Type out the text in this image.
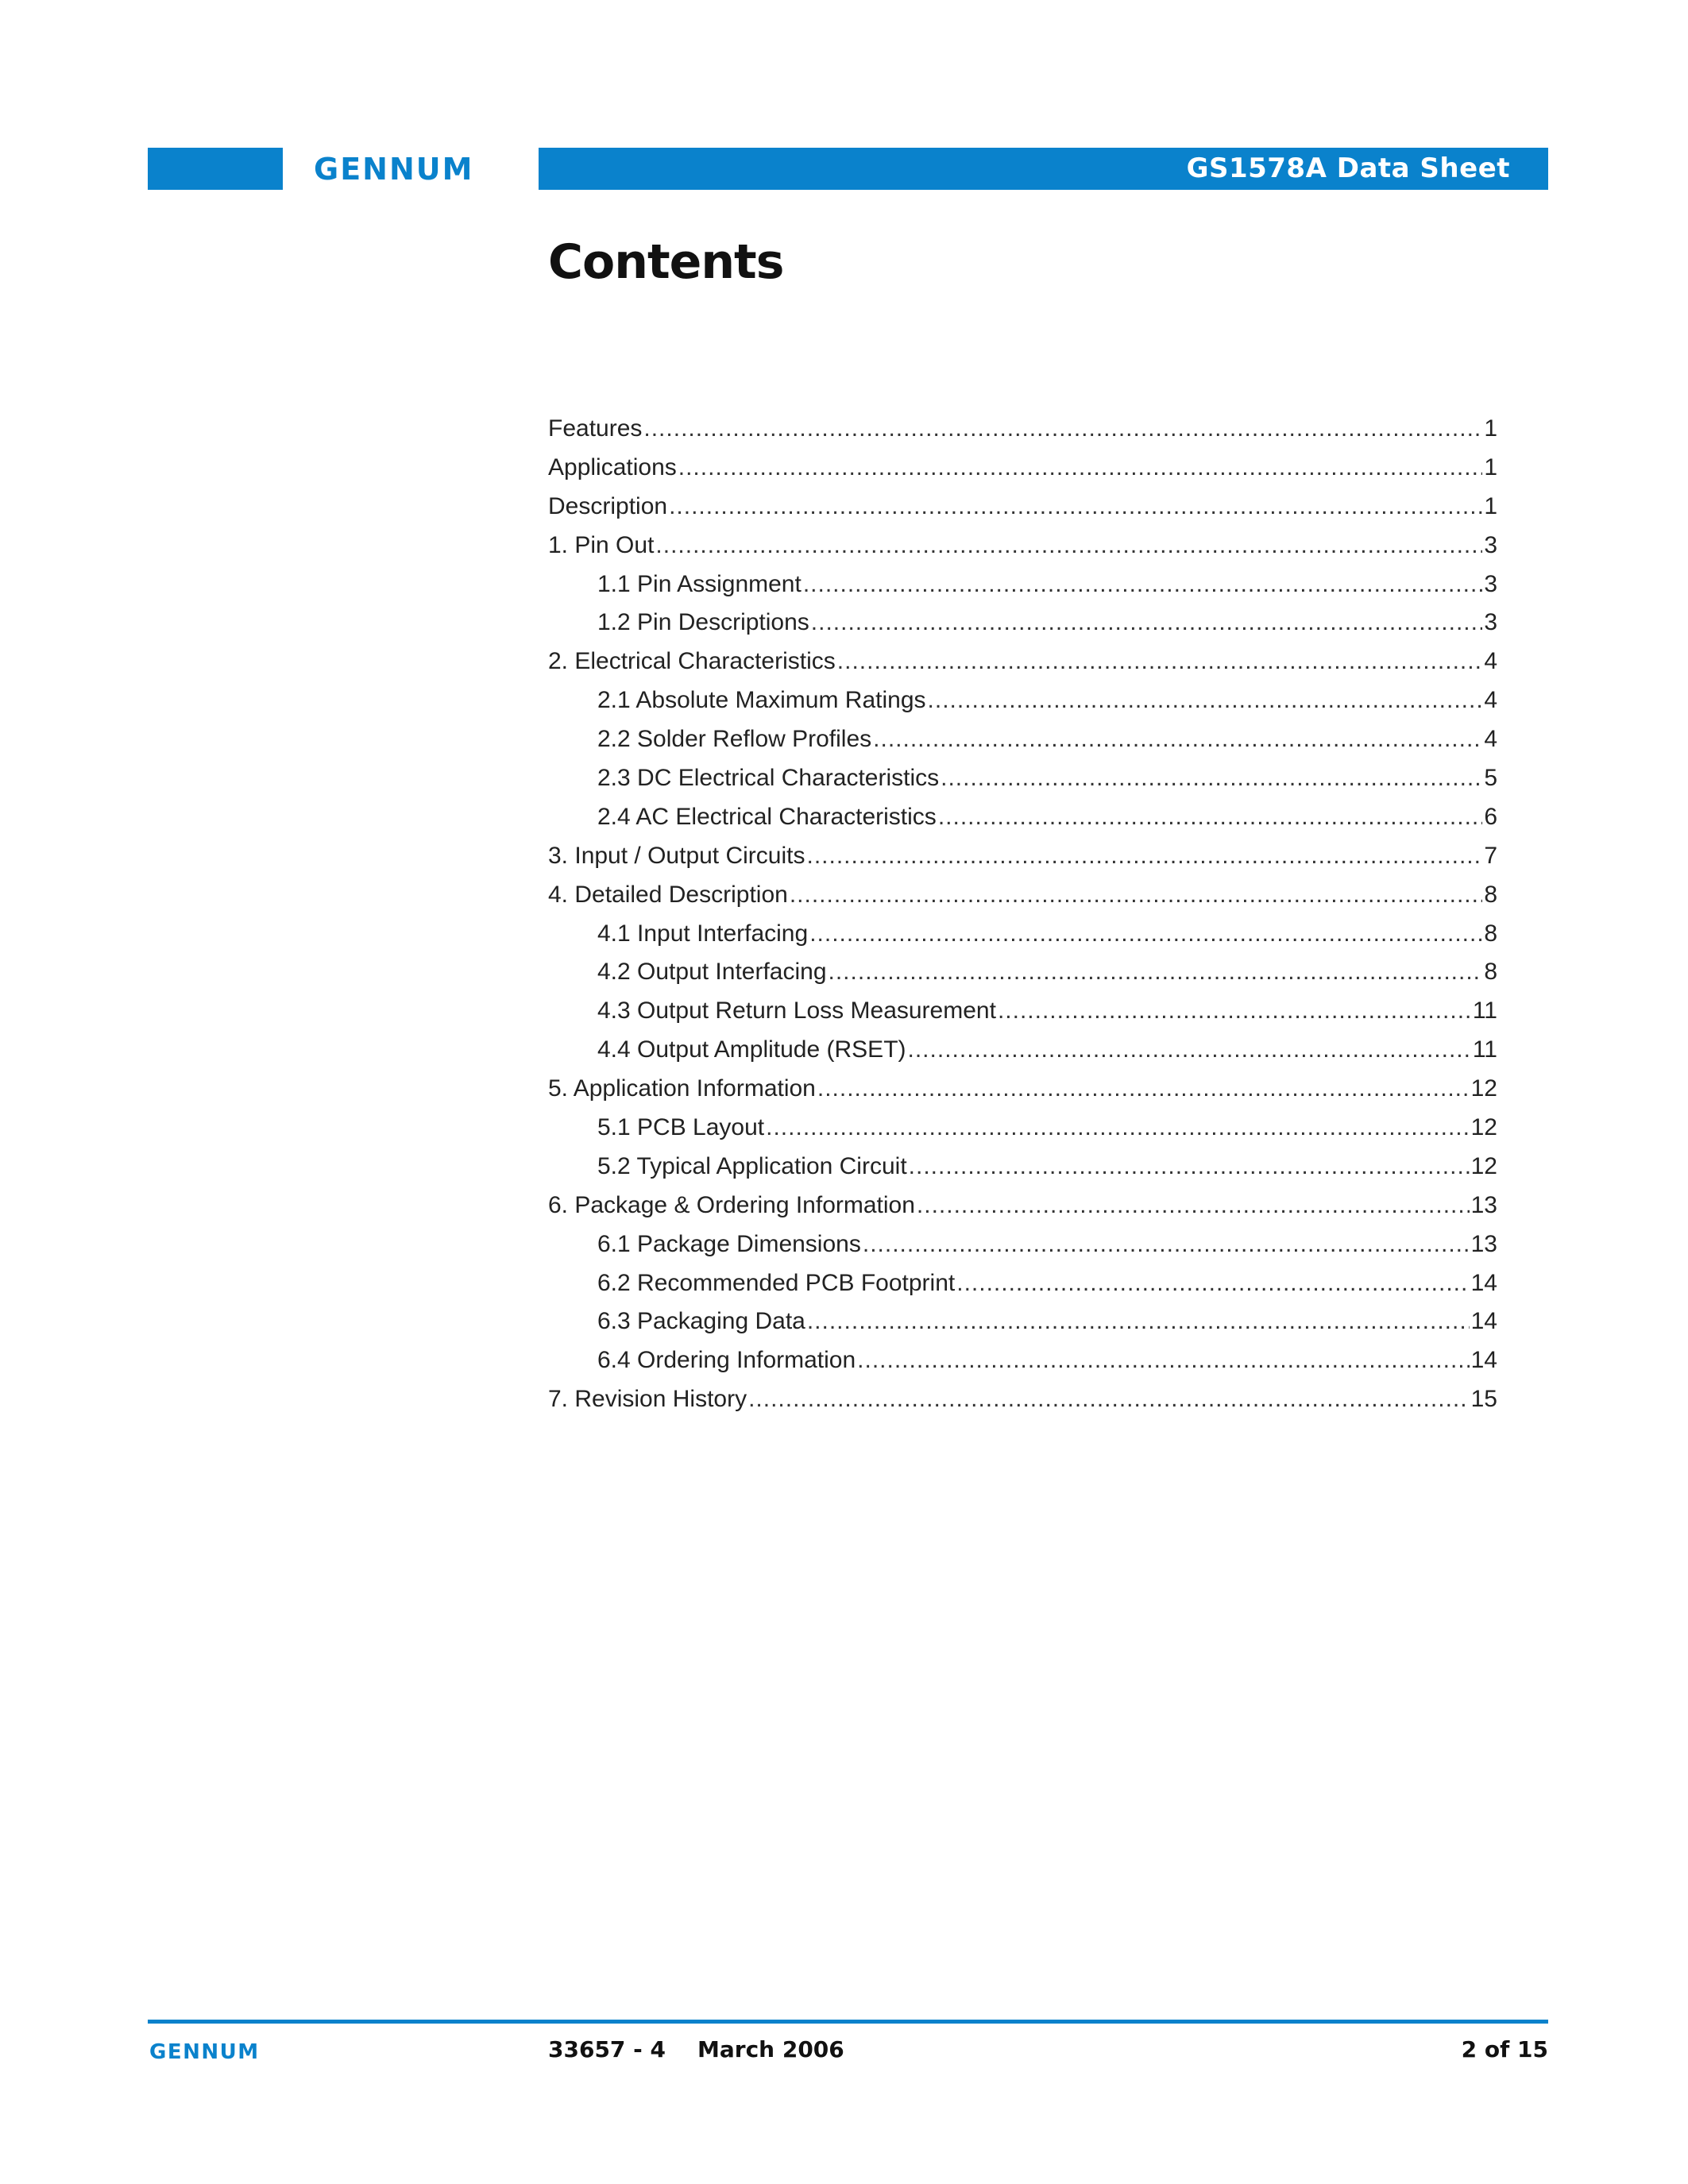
GENNUM	GS1578A Data Sheet
Contents
Features .....	1
Applications .....	1
Description .....	1
1. Pin Out .....	3
1.1 Pin Assignment .....	3
1.2 Pin Descriptions .....	3
2. Electrical Characteristics .....	4
2.1 Absolute Maximum Ratings .....	4
2.2 Solder Reflow Profiles .....	4
2.3 DC Electrical Characteristics .....	5
2.4 AC Electrical Characteristics .....	6
3. Input / Output Circuits .....	7
4. Detailed Description .....	8
4.1 Input Interfacing .....	8
4.2 Output Interfacing .....	8
4.3 Output Return Loss Measurement .....	11
4.4 Output Amplitude (RSET) .....	11
5. Application Information .....	12
5.1 PCB Layout .....	12
5.2 Typical Application Circuit .....	12
6. Package & Ordering Information .....	13
6.1 Package Dimensions .....	13
6.2 Recommended PCB Footprint .....	14
6.3 Packaging Data .....	14
6.4 Ordering Information .....	14
7. Revision History .....	15
GENNUM	33657 - 4 March 2006	2 of 15
